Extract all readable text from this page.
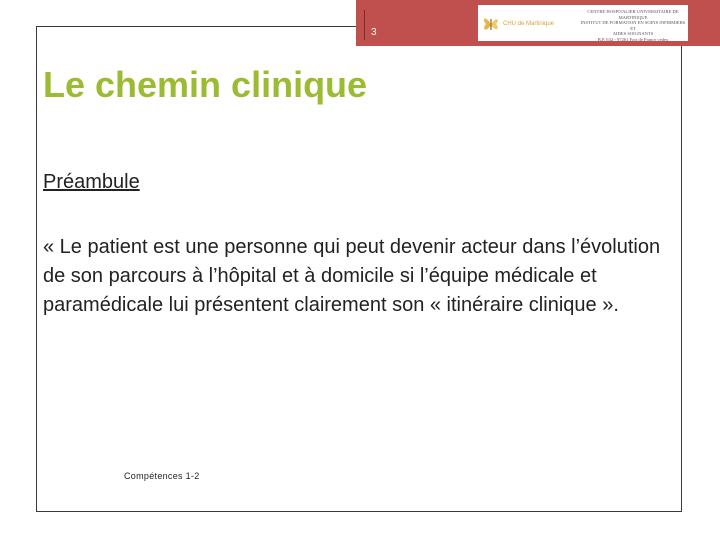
3
CHU de Martinique
CENTRE HOSPITALIER UNIVERSITAIRE DE MARTINIQUE
INSTITUT DE FORMATION EN SOINS INFIRMIERS ET
AIDES SOIGNANTS
B.P. 632 - 97261 Fort de France cedex
Le chemin clinique
Préambule

« Le patient est une personne qui peut devenir acteur dans l’évolution de son parcours à l’hôpital et à domicile si l’équipe médicale et paramédicale lui présentent clairement son « itinéraire clinique ».

Compétences 1-2
